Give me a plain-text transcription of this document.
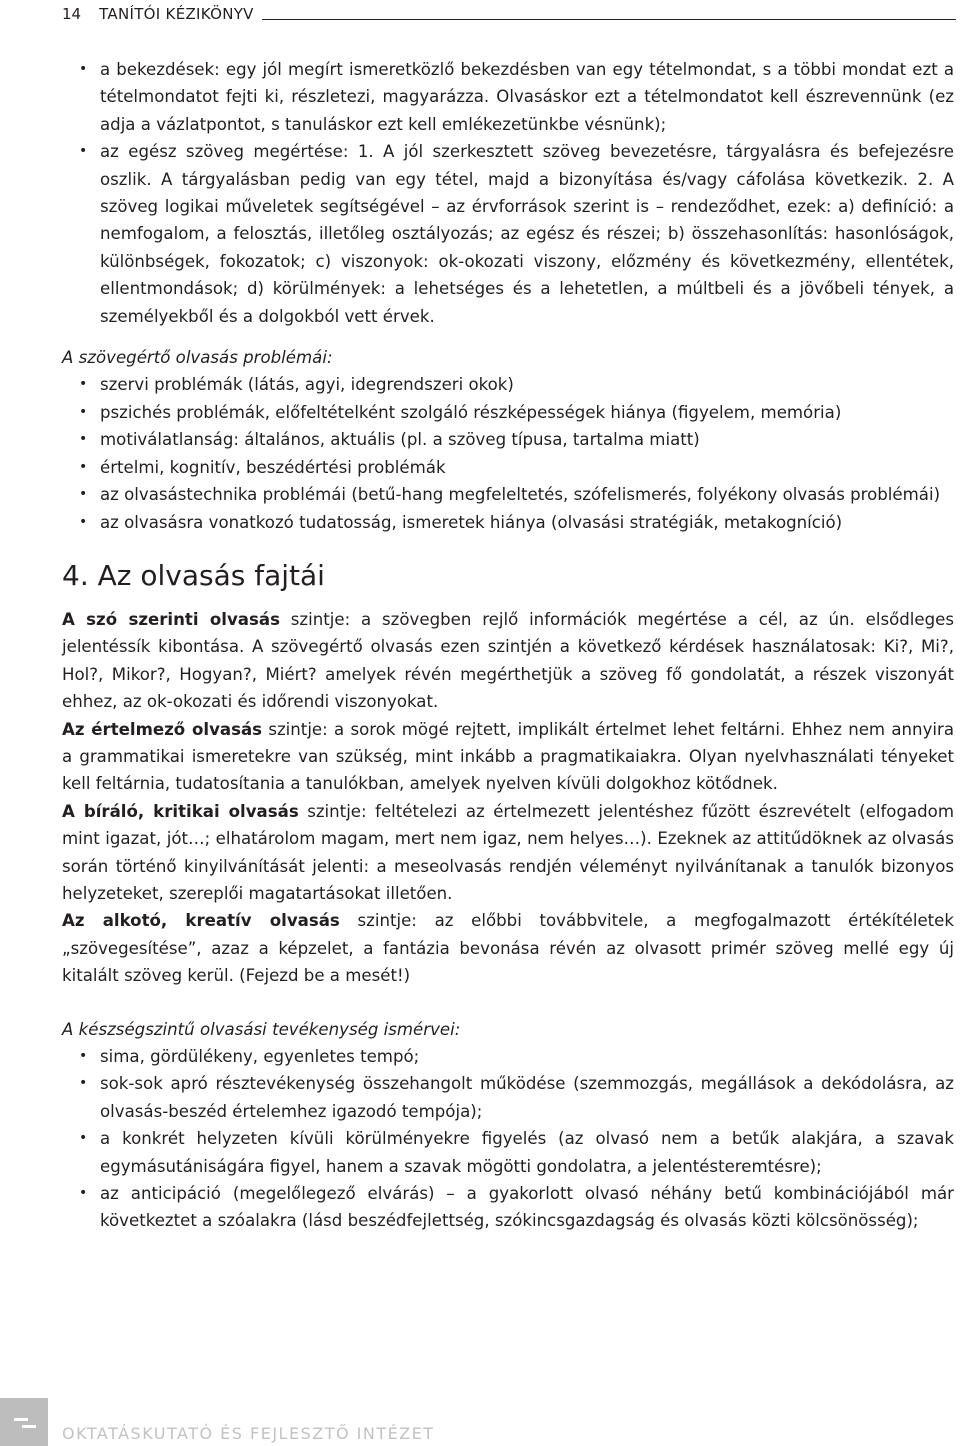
14 TANÍTÓI KÉZIKÖNYV
• a bekezdések: egy jól megírt ismeretközlő bekezdésben van egy tételmondat, s a többi mondat ezt a tételmondatot fejti ki, részletezi, magyarázza. Olvasáskor ezt a tételmondatot kell észrevennünk (ez adja a vázlatpontot, s tanuláskor ezt kell emlékezetünkbe vésnünk);
• az egész szöveg megértése: 1. A jól szerkesztett szöveg bevezetésre, tárgyalásra és befejezésre oszlik. A tárgyalásban pedig van egy tétel, majd a bizonyítása és/vagy cáfolása következik. 2. A szöveg logikai műveletek segítségével – az érvforrások szerint is – rendeződhet, ezek: a) definíció: a nemfogalom, a felosztás, illetőleg osztályozás; az egész és részei; b) összehasonlítás: hasonlóságok, különbségek, fokozatok; c) viszonyok: ok-okozati viszony, előzmény és következmény, ellentétek, ellentmondások; d) körülmények: a lehetséges és a lehetetlen, a múltbeli és a jövőbeli tények, a személyekből és a dolgokból vett érvek.
A szövegértő olvasás problémái:
• szervi problémák (látás, agyi, idegrendszeri okok)
• pszichés problémák, előfeltételként szolgáló részképességek hiánya (figyelem, memória)
• motiválatlanság: általános, aktuális (pl. a szöveg típusa, tartalma miatt)
• értelmi, kognitív, beszédértési problémák
• az olvasástechnika problémái (betű-hang megfeleltetés, szófelismerés, folyékony olvasás problémái)
• az olvasásra vonatkozó tudatosság, ismeretek hiánya (olvasási stratégiák, metakogníció)
4. Az olvasás fajtái

A szó szerinti olvasás szintje: a szövegben rejlő információk megértése a cél, az ún. elsődleges jelentéssík kibontása. A szövegértő olvasás ezen szintjén a következő kérdések használatosak: Ki?, Mi?, Hol?, Mikor?, Hogyan?, Miért? amelyek révén megérthetjük a szöveg fő gondolatát, a részek viszonyát ehhez, az ok-okozati és időrendi viszonyokat.

Az értelmező olvasás szintje: a sorok mögé rejtett, implikált értelmet lehet feltárni. Ehhez nem annyira a grammatikai ismeretekre van szükség, mint inkább a pragmatikaiakra. Olyan nyelvhasználati tényeket kell feltárnia, tudatosítania a tanulókban, amelyek nyelven kívüli dolgokhoz kötődnek.

A bíráló, kritikai olvasás szintje: feltételezi az értelmezett jelentéshez fűzött észrevételt (elfogadom mint igazat, jót…; elhatárolom magam, mert nem igaz, nem helyes…). Ezeknek az attitűdöknek az olvasás során történő kinyilvánítását jelenti: a meseolvasás rendjén véleményt nyilvánítanak a tanulók bizonyos helyzeteket, szereplői magatartásokat illetően.

Az alkotó, kreatív olvasás szintje: az előbbi továbbvitele, a megfogalmazott értékítéletek „szövegesítése”, azaz a képzelet, a fantázia bevonása révén az olvasott primér szöveg mellé egy új kitalált szöveg kerül. (Fejezd be a mesét!)

A készségszintű olvasási tevékenység ismérvei:
• sima, gördülékeny, egyenletes tempó;
• sok-sok apró résztevékenység összehangolt működése (szemmozgás, megállások a dekódolásra, az olvasás-beszéd értelemhez igazodó tempója);
• a konkrét helyzeten kívüli körülményekre figyelés (az olvasó nem a betűk alakjára, a szavak egymásutániságára figyel, hanem a szavak mögötti gondolatra, a jelentésteremtésre);
• az anticipáció (megelőlegező elvárás) – a gyakorlott olvasó néhány betű kombinációjából már következtet a szóalakra (lásd beszédfejlettség, szókincsgazdagság és olvasás közti kölcsönösség);
OKTATÁSKUTATÓ ÉS FEJLESZTŐ INTÉZET
